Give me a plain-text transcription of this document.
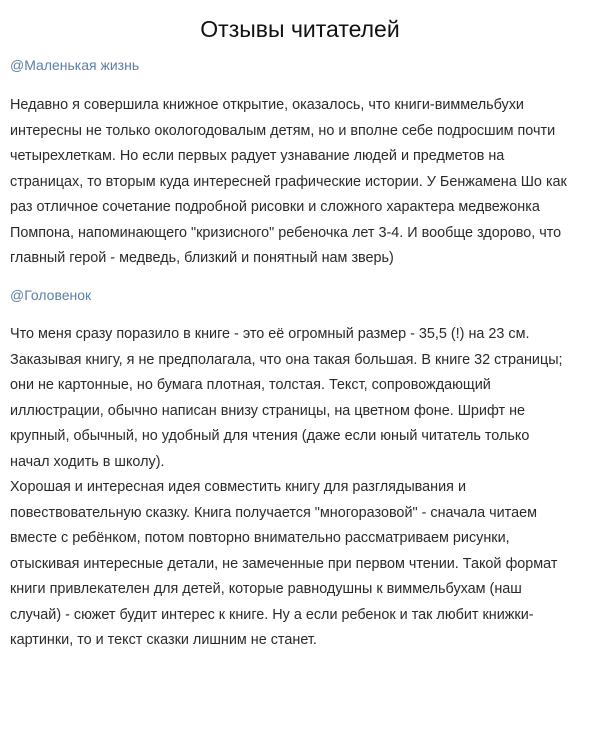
Отзывы читателей
@Маленькая жизнь

Недавно я совершила книжное открытие, оказалось, что книги-виммельбухи
интересны не только окологодовалым детям, но и вполне себе подросшим почти
четырехлеткам. Но если первых радует узнавание людей и предметов на
страницах, то вторым куда интересней графические истории. У Бенжамена Шо как
раз отличное сочетание подробной рисовки и сложного характера медвежонка
Помпона, напоминающего "кризисного" ребеночка лет 3-4. И вообще здорово, что
главный герой - медведь, близкий и понятный нам зверь)

@Головенок

Что меня сразу поразило в книге - это её огромный размер - 35,5 (!) на 23 см.
Заказывая книгу, я не предполагала, что она такая большая. В книге 32 страницы;
они не картонные, но бумага плотная, толстая. Текст, сопровождающий
иллюстрации, обычно написан внизу страницы, на цветном фоне. Шрифт не
крупный, обычный, но удобный для чтения (даже если юный читатель только
начал ходить в школу).
Хорошая и интересная идея совместить книгу для разглядывания и
повествовательную сказку. Книга получается "многоразовой" - сначала читаем
вместе с ребёнком, потом повторно внимательно рассматриваем рисунки,
отыскивая интересные детали, не замеченные при первом чтении. Такой формат
книги привлекателен для детей, которые равнодушны к виммельбухам (наш
случай) - сюжет будит интерес к книге. Ну а если ребенок и так любит книжки-
картинки, то и текст сказки лишним не станет.
